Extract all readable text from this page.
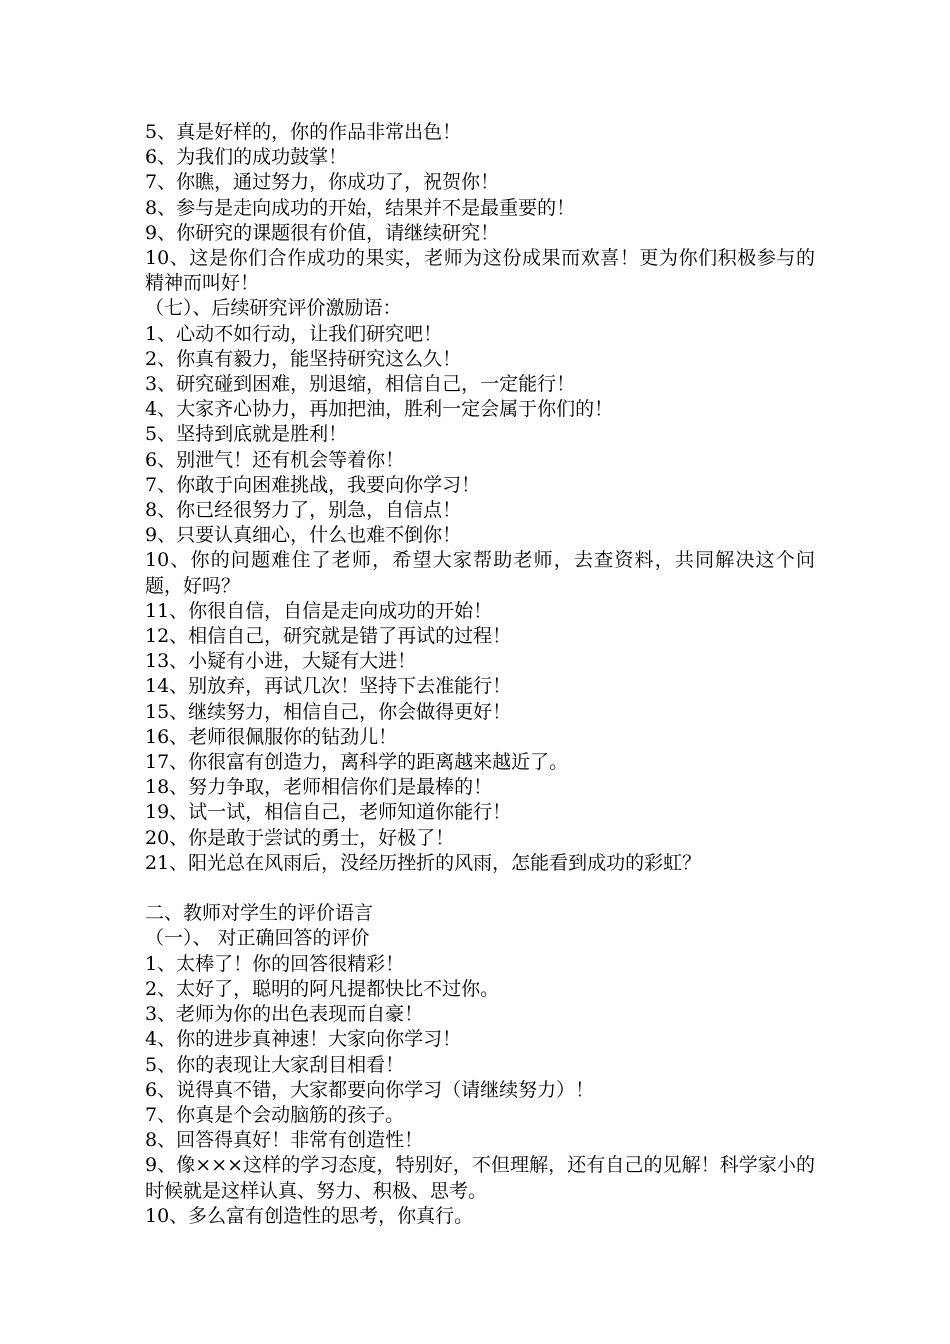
5、真是好样的，你的作品非常出色！

6、为我们的成功鼓掌！

7、你瞧，通过努力，你成功了，祝贺你！

8、参与是走向成功的开始，结果并不是最重要的！

9、你研究的课题很有价值，请继续研究！

10、这是你们合作成功的果实，老师为这份成果而欢喜！更为你们积极参与的精神而叫好！

（七）、后续研究评价激励语：

1、心动不如行动，让我们研究吧！

2、你真有毅力，能坚持研究这么久！

3、研究碰到困难，别退缩，相信自己，一定能行！

4、大家齐心协力，再加把油，胜利一定会属于你们的！

5、坚持到底就是胜利！

6、别泄气！还有机会等着你！

7、你敢于向困难挑战，我要向你学习！

8、你已经很努力了，别急，自信点！

9、只要认真细心，什么也难不倒你！

10、你的问题难住了老师，希望大家帮助老师，去查资料，共同解决这个问题，好吗？

11、你很自信，自信是走向成功的开始！

12、相信自己，研究就是错了再试的过程！

13、小疑有小进，大疑有大进！

14、别放弃，再试几次！坚持下去准能行！

15、继续努力，相信自己，你会做得更好！

16、老师很佩服你的钻劲儿！

17、你很富有创造力，离科学的距离越来越近了。

18、努力争取，老师相信你们是最棒的！

19、试一试，相信自己，老师知道你能行！

20、你是敢于尝试的勇士，好极了！

21、阳光总在风雨后，没经历挫折的风雨，怎能看到成功的彩虹？

二、教师对学生的评价语言

（一）、 对正确回答的评价

1、太棒了！你的回答很精彩！

2、太好了，聪明的阿凡提都快比不过你。

3、老师为你的出色表现而自豪！

4、你的进步真神速！大家向你学习！

5、你的表现让大家刮目相看！

6、说得真不错，大家都要向你学习（请继续努力）！

7、你真是个会动脑筋的孩子。

8、回答得真好！非常有创造性！

9、像×××这样的学习态度，特别好，不但理解，还有自己的见解！科学家小的时候就是这样认真、努力、积极、思考。

10、多么富有创造性的思考，你真行。
